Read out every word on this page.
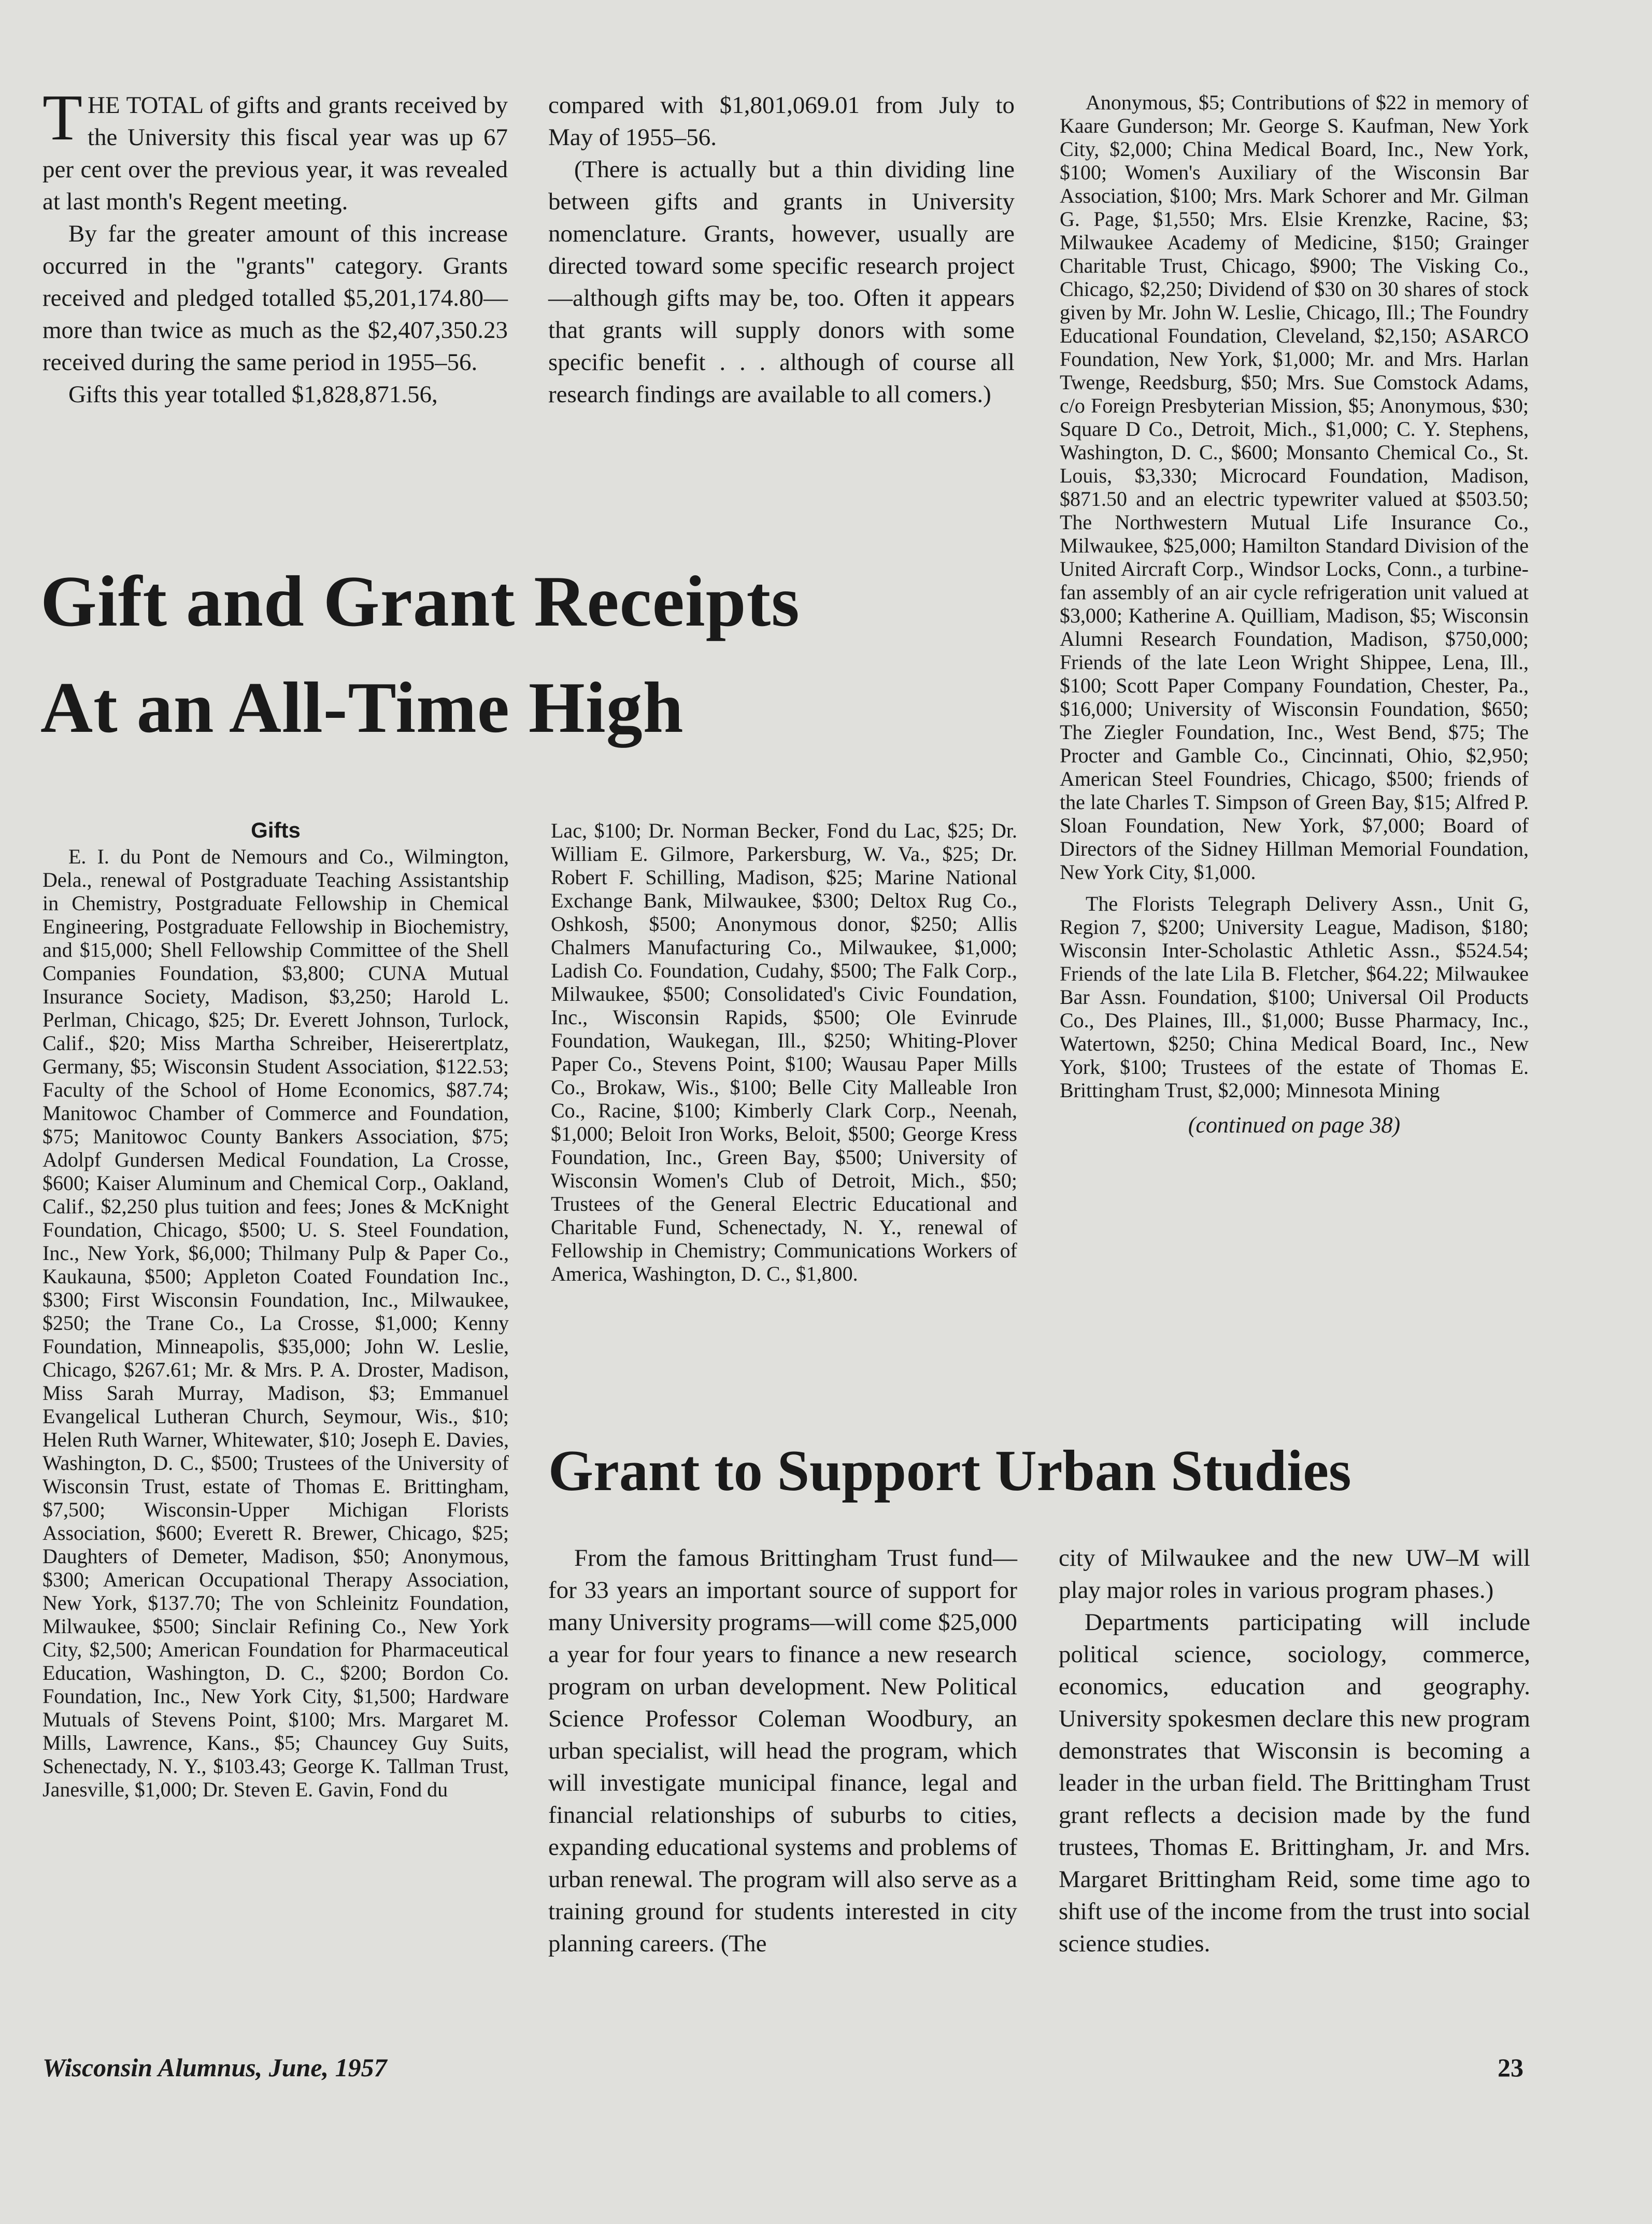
THE TOTAL of gifts and grants received by the University this fiscal year was up 67 per cent over the previous year, it was revealed at last month's Regent meeting.

By far the greater amount of this increase occurred in the "grants" category. Grants received and pledged totalled $5,201,174.80—more than twice as much as the $2,407,350.23 received during the same period in 1955–56.

Gifts this year totalled $1,828,871.56,

compared with $1,801,069.01 from July to May of 1955–56.

(There is actually but a thin dividing line between gifts and grants in University nomenclature. Grants, however, usually are directed toward some specific research project—although gifts may be, too. Often it appears that grants will supply donors with some specific benefit . . . although of course all research findings are available to all comers.)

Gift and Grant Receipts
At an All-Time High
Gifts

E. I. du Pont de Nemours and Co., Wilmington, Dela., renewal of Postgraduate Teaching Assistantship in Chemistry, Postgraduate Fellowship in Chemical Engineering, Postgraduate Fellowship in Biochemistry, and $15,000; Shell Fellowship Committee of the Shell Companies Foundation, $3,800; CUNA Mutual Insurance Society, Madison, $3,250; Harold L. Perlman, Chicago, $25; Dr. Everett Johnson, Turlock, Calif., $20; Miss Martha Schreiber, Heiserertplatz, Germany, $5; Wisconsin Student Association, $122.53; Faculty of the School of Home Economics, $87.74; Manitowoc Chamber of Commerce and Foundation, $75; Manitowoc County Bankers Association, $75; Adolpf Gundersen Medical Foundation, La Crosse, $600; Kaiser Aluminum and Chemical Corp., Oakland, Calif., $2,250 plus tuition and fees; Jones & McKnight Foundation, Chicago, $500; U. S. Steel Foundation, Inc., New York, $6,000; Thilmany Pulp & Paper Co., Kaukauna, $500; Appleton Coated Foundation Inc., $300; First Wisconsin Foundation, Inc., Milwaukee, $250; the Trane Co., La Crosse, $1,000; Kenny Foundation, Minneapolis, $35,000; John W. Leslie, Chicago, $267.61; Mr. & Mrs. P. A. Droster, Madison, Miss Sarah Murray, Madison, $3; Emmanuel Evangelical Lutheran Church, Seymour, Wis., $10; Helen Ruth Warner, Whitewater, $10; Joseph E. Davies, Washington, D. C., $500; Trustees of the University of Wisconsin Trust, estate of Thomas E. Brittingham, $7,500; Wisconsin-Upper Michigan Florists Association, $600; Everett R. Brewer, Chicago, $25; Daughters of Demeter, Madison, $50; Anonymous, $300; American Occupational Therapy Association, New York, $137.70; The von Schleinitz Foundation, Milwaukee, $500; Sinclair Refining Co., New York City, $2,500; American Foundation for Pharmaceutical Education, Washington, D. C., $200; Bordon Co. Foundation, Inc., New York City, $1,500; Hardware Mutuals of Stevens Point, $100; Mrs. Margaret M. Mills, Lawrence, Kans., $5; Chauncey Guy Suits, Schenectady, N. Y., $103.43; George K. Tallman Trust, Janesville, $1,000; Dr. Steven E. Gavin, Fond du

Lac, $100; Dr. Norman Becker, Fond du Lac, $25; Dr. William E. Gilmore, Parkersburg, W. Va., $25; Dr. Robert F. Schilling, Madison, $25; Marine National Exchange Bank, Milwaukee, $300; Deltox Rug Co., Oshkosh, $500; Anonymous donor, $250; Allis Chalmers Manufacturing Co., Milwaukee, $1,000; Ladish Co. Foundation, Cudahy, $500; The Falk Corp., Milwaukee, $500; Consolidated's Civic Foundation, Inc., Wisconsin Rapids, $500; Ole Evinrude Foundation, Waukegan, Ill., $250; Whiting-Plover Paper Co., Stevens Point, $100; Wausau Paper Mills Co., Brokaw, Wis., $100; Belle City Malleable Iron Co., Racine, $100; Kimberly Clark Corp., Neenah, $1,000; Beloit Iron Works, Beloit, $500; George Kress Foundation, Inc., Green Bay, $500; University of Wisconsin Women's Club of Detroit, Mich., $50; Trustees of the General Electric Educational and Charitable Fund, Schenectady, N. Y., renewal of Fellowship in Chemistry; Communications Workers of America, Washington, D. C., $1,800.

Anonymous, $5; Contributions of $22 in memory of Kaare Gunderson; Mr. George S. Kaufman, New York City, $2,000; China Medical Board, Inc., New York, $100; Women's Auxiliary of the Wisconsin Bar Association, $100; Mrs. Mark Schorer and Mr. Gilman G. Page, $1,550; Mrs. Elsie Krenzke, Racine, $3; Milwaukee Academy of Medicine, $150; Grainger Charitable Trust, Chicago, $900; The Visking Co., Chicago, $2,250; Dividend of $30 on 30 shares of stock given by Mr. John W. Leslie, Chicago, Ill.; The Foundry Educational Foundation, Cleveland, $2,150; ASARCO Foundation, New York, $1,000; Mr. and Mrs. Harlan Twenge, Reedsburg, $50; Mrs. Sue Comstock Adams, c/o Foreign Presbyterian Mission, $5; Anonymous, $30; Square D Co., Detroit, Mich., $1,000; C. Y. Stephens, Washington, D. C., $600; Monsanto Chemical Co., St. Louis, $3,330; Microcard Foundation, Madison, $871.50 and an electric typewriter valued at $503.50; The Northwestern Mutual Life Insurance Co., Milwaukee, $25,000; Hamilton Standard Division of the United Aircraft Corp., Windsor Locks, Conn., a turbine-fan assembly of an air cycle refrigeration unit valued at $3,000; Katherine A. Quilliam, Madison, $5; Wisconsin Alumni Research Foundation, Madison, $750,000; Friends of the late Leon Wright Shippee, Lena, Ill., $100; Scott Paper Company Foundation, Chester, Pa., $16,000; University of Wisconsin Foundation, $650; The Ziegler Foundation, Inc., West Bend, $75; The Procter and Gamble Co., Cincinnati, Ohio, $2,950; American Steel Foundries, Chicago, $500; friends of the late Charles T. Simpson of Green Bay, $15; Alfred P. Sloan Foundation, New York, $7,000; Board of Directors of the Sidney Hillman Memorial Foundation, New York City, $1,000.

The Florists Telegraph Delivery Assn., Unit G, Region 7, $200; University League, Madison, $180; Wisconsin Inter-Scholastic Athletic Assn., $524.54; Friends of the late Lila B. Fletcher, $64.22; Milwaukee Bar Assn. Foundation, $100; Universal Oil Products Co., Des Plaines, Ill., $1,000; Busse Pharmacy, Inc., Watertown, $250; China Medical Board, Inc., New York, $100; Trustees of the estate of Thomas E. Brittingham Trust, $2,000; Minnesota Mining

(continued on page 38)
Grant to Support Urban Studies

From the famous Brittingham Trust fund—for 33 years an important source of support for many University programs—will come $25,000 a year for four years to finance a new research program on urban development. New Political Science Professor Coleman Woodbury, an urban specialist, will head the program, which will investigate municipal finance, legal and financial relationships of suburbs to cities, expanding educational systems and problems of urban renewal. The program will also serve as a training ground for students interested in city planning careers. (The

city of Milwaukee and the new UW–M will play major roles in various program phases.)

Departments participating will include political science, sociology, commerce, economics, education and geography. University spokesmen declare this new program demonstrates that Wisconsin is becoming a leader in the urban field. The Brittingham Trust grant reflects a decision made by the fund trustees, Thomas E. Brittingham, Jr. and Mrs. Margaret Brittingham Reid, some time ago to shift use of the income from the trust into social science studies.

Wisconsin Alumnus, June, 1957	23
